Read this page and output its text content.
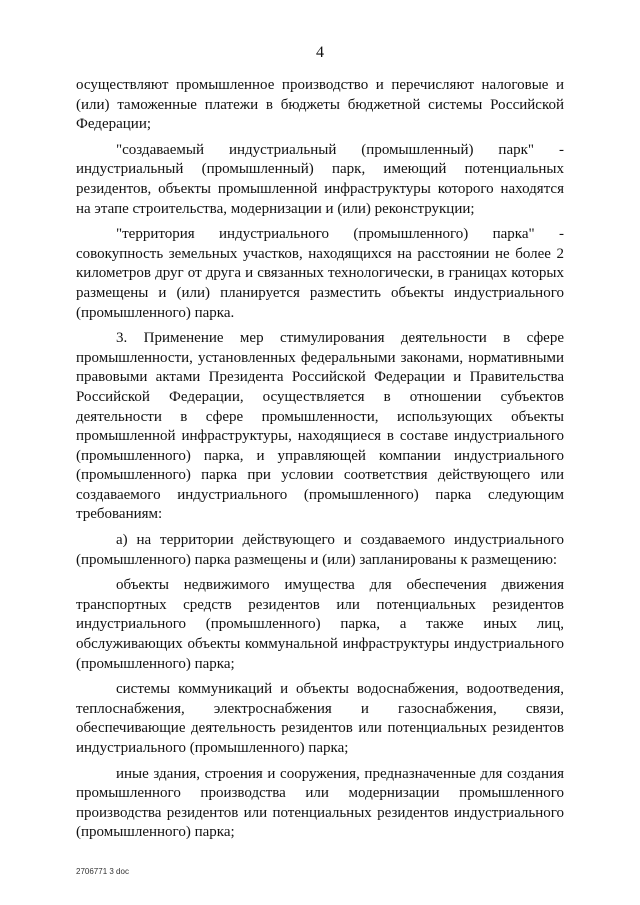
4

осуществляют промышленное производство и перечисляют налоговые и (или) таможенные платежи в бюджеты бюджетной системы Российской Федерации;

"создаваемый индустриальный (промышленный) парк" - индустриальный (промышленный) парк, имеющий потенциальных резидентов, объекты промышленной инфраструктуры которого находятся на этапе строительства, модернизации и (или) реконструкции;

"территория индустриального (промышленного) парка" - совокупность земельных участков, находящихся на расстоянии не более 2 километров друг от друга и связанных технологически, в границах которых размещены и (или) планируется разместить объекты индустриального (промышленного) парка.

3. Применение мер стимулирования деятельности в сфере промышленности, установленных федеральными законами, нормативными правовыми актами Президента Российской Федерации и Правительства Российской Федерации, осуществляется в отношении субъектов деятельности в сфере промышленности, использующих объекты промышленной инфраструктуры, находящиеся в составе индустриального (промышленного) парка, и управляющей компании индустриального (промышленного) парка при условии соответствия действующего или создаваемого индустриального (промышленного) парка следующим требованиям:

а) на территории действующего и создаваемого индустриального (промышленного) парка размещены и (или) запланированы к размещению:

объекты недвижимого имущества для обеспечения движения транспортных средств резидентов или потенциальных резидентов индустриального (промышленного) парка, а также иных лиц, обслуживающих объекты коммунальной инфраструктуры индустриального (промышленного) парка;

системы коммуникаций и объекты водоснабжения, водоотведения, теплоснабжения, электроснабжения и газоснабжения, связи, обеспечивающие деятельность резидентов или потенциальных резидентов индустриального (промышленного) парка;

иные здания, строения и сооружения, предназначенные для создания промышленного производства или модернизации промышленного производства резидентов или потенциальных резидентов индустриального (промышленного) парка;

2706771 3 doc
